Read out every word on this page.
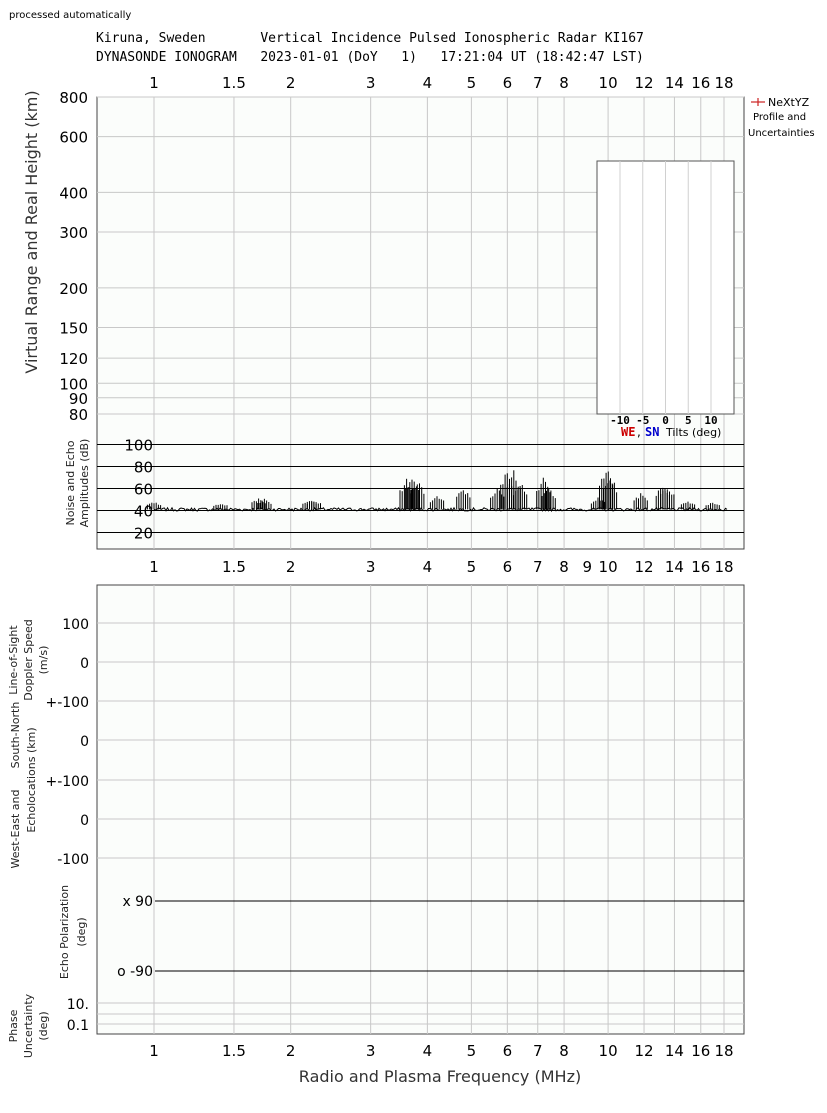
processed automatically
Kiruna, Sweden       Vertical Incidence Pulsed Ionospheric Radar KI167
DYNASONDE IONOGRAM   2023-01-01 (DoY   1)   17:21:04 UT (18:42:47 LST)
1	1.5	2	3	4 5 6 7 8 10 12 14 16 18
800
600
400
300
200
150
120
100
90
80	-10 -5 0 5 10
WE , SN Tilts (deg)
100
80
60
40
20
1	1.5	2	3	4 5 6 7 8 9 10 12 14 16 18
NeXtYZ
Profile and
Uncertainties
Virtual Range and Real Height (km)
Noise and Echo Amplitudes (dB)
1	1.5	2	3	4 5 6 7 8 10 12 14 16 18
100
0
+-100
0
+-100
0
-100
x 90
o -90
10.
0.1
Line-of-Sight Doppler Speed (m/s)
West-East and
South-North Echolocations (km)
Echo Polarization (deg)
Phase Uncertainty (deg)
Radio and Plasma Frequency (MHz)
